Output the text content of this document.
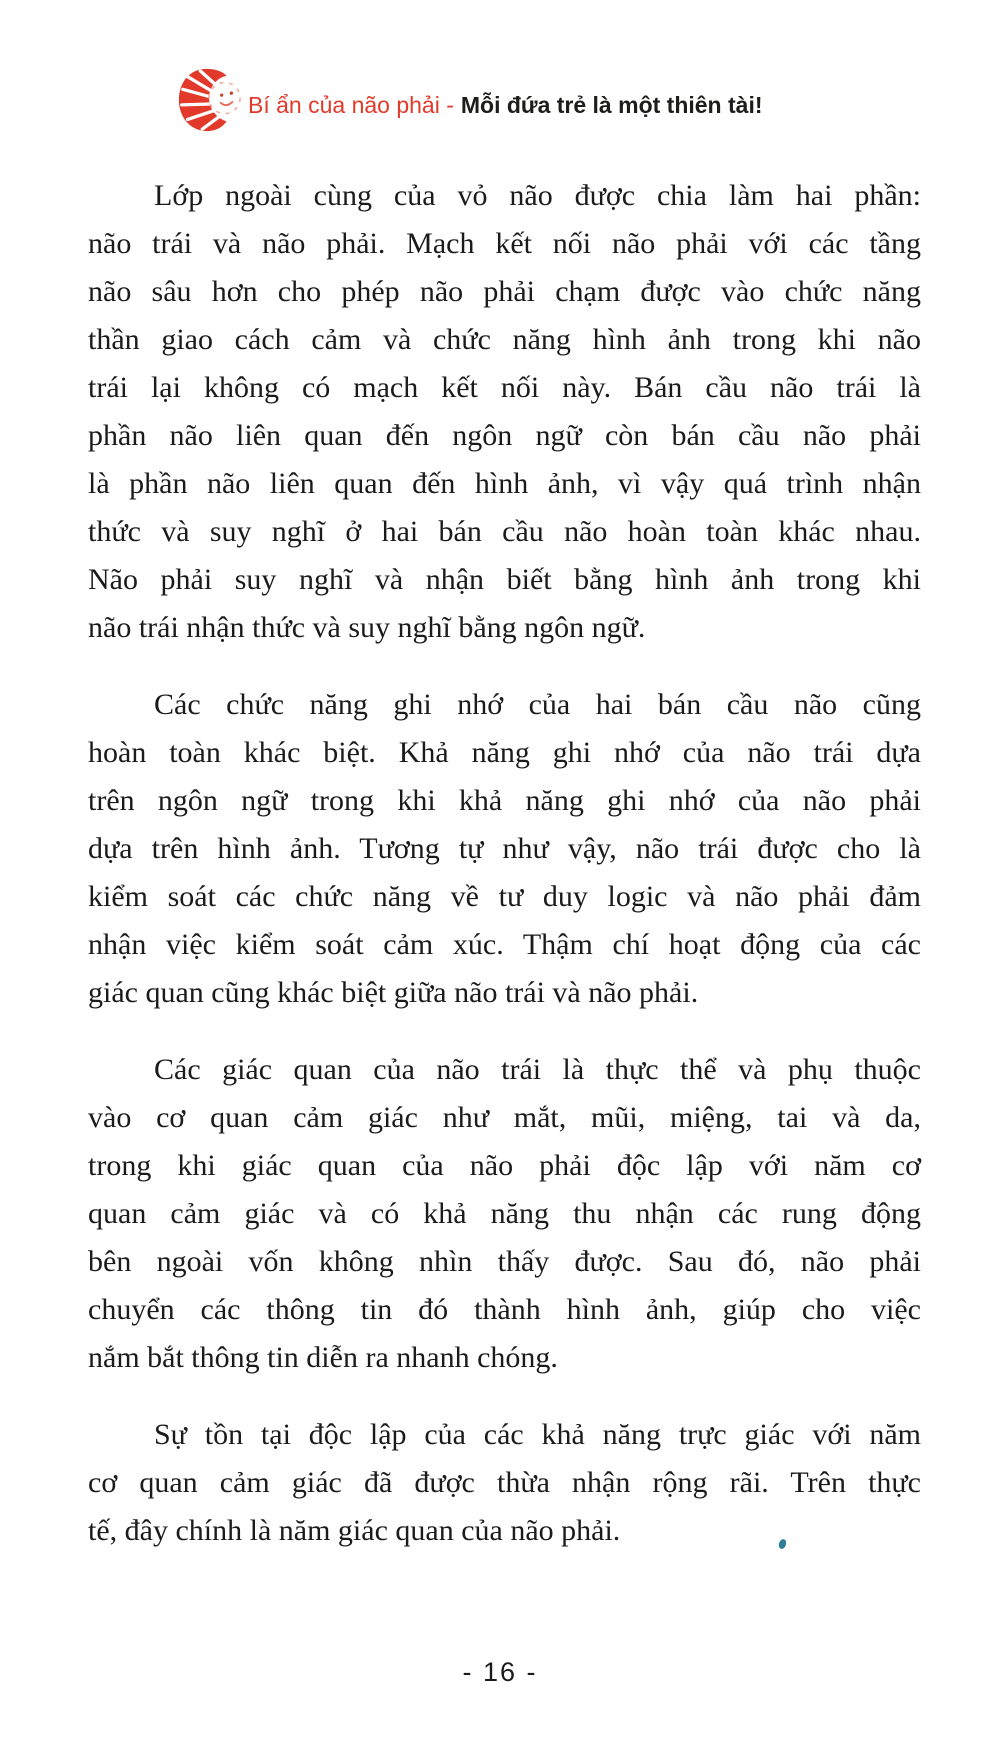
Bí ẩn của não phải - Mỗi đứa trẻ là một thiên tài!
Lớp ngoài cùng của vỏ não được chia làm hai phần:
não trái và não phải. Mạch kết nối não phải với các tầng
não sâu hơn cho phép não phải chạm được vào chức năng
thần giao cách cảm và chức năng hình ảnh trong khi não
trái lại không có mạch kết nối này. Bán cầu não trái là
phần não liên quan đến ngôn ngữ còn bán cầu não phải
là phần não liên quan đến hình ảnh, vì vậy quá trình nhận
thức và suy nghĩ ở hai bán cầu não hoàn toàn khác nhau.
Não phải suy nghĩ và nhận biết bằng hình ảnh trong khi
não trái nhận thức và suy nghĩ bằng ngôn ngữ.
Các chức năng ghi nhớ của hai bán cầu não cũng
hoàn toàn khác biệt. Khả năng ghi nhớ của não trái dựa
trên ngôn ngữ trong khi khả năng ghi nhớ của não phải
dựa trên hình ảnh. Tương tự như vậy, não trái được cho là
kiểm soát các chức năng về tư duy logic và não phải đảm
nhận việc kiểm soát cảm xúc. Thậm chí hoạt động của các
giác quan cũng khác biệt giữa não trái và não phải.
Các giác quan của não trái là thực thể và phụ thuộc
vào cơ quan cảm giác như mắt, mũi, miệng, tai và da,
trong khi giác quan của não phải độc lập với năm cơ
quan cảm giác và có khả năng thu nhận các rung động
bên ngoài vốn không nhìn thấy được. Sau đó, não phải
chuyển các thông tin đó thành hình ảnh, giúp cho việc
nắm bắt thông tin diễn ra nhanh chóng.
Sự tồn tại độc lập của các khả năng trực giác với năm
cơ quan cảm giác đã được thừa nhận rộng rãi. Trên thực
tế, đây chính là năm giác quan của não phải.
- 16 -
